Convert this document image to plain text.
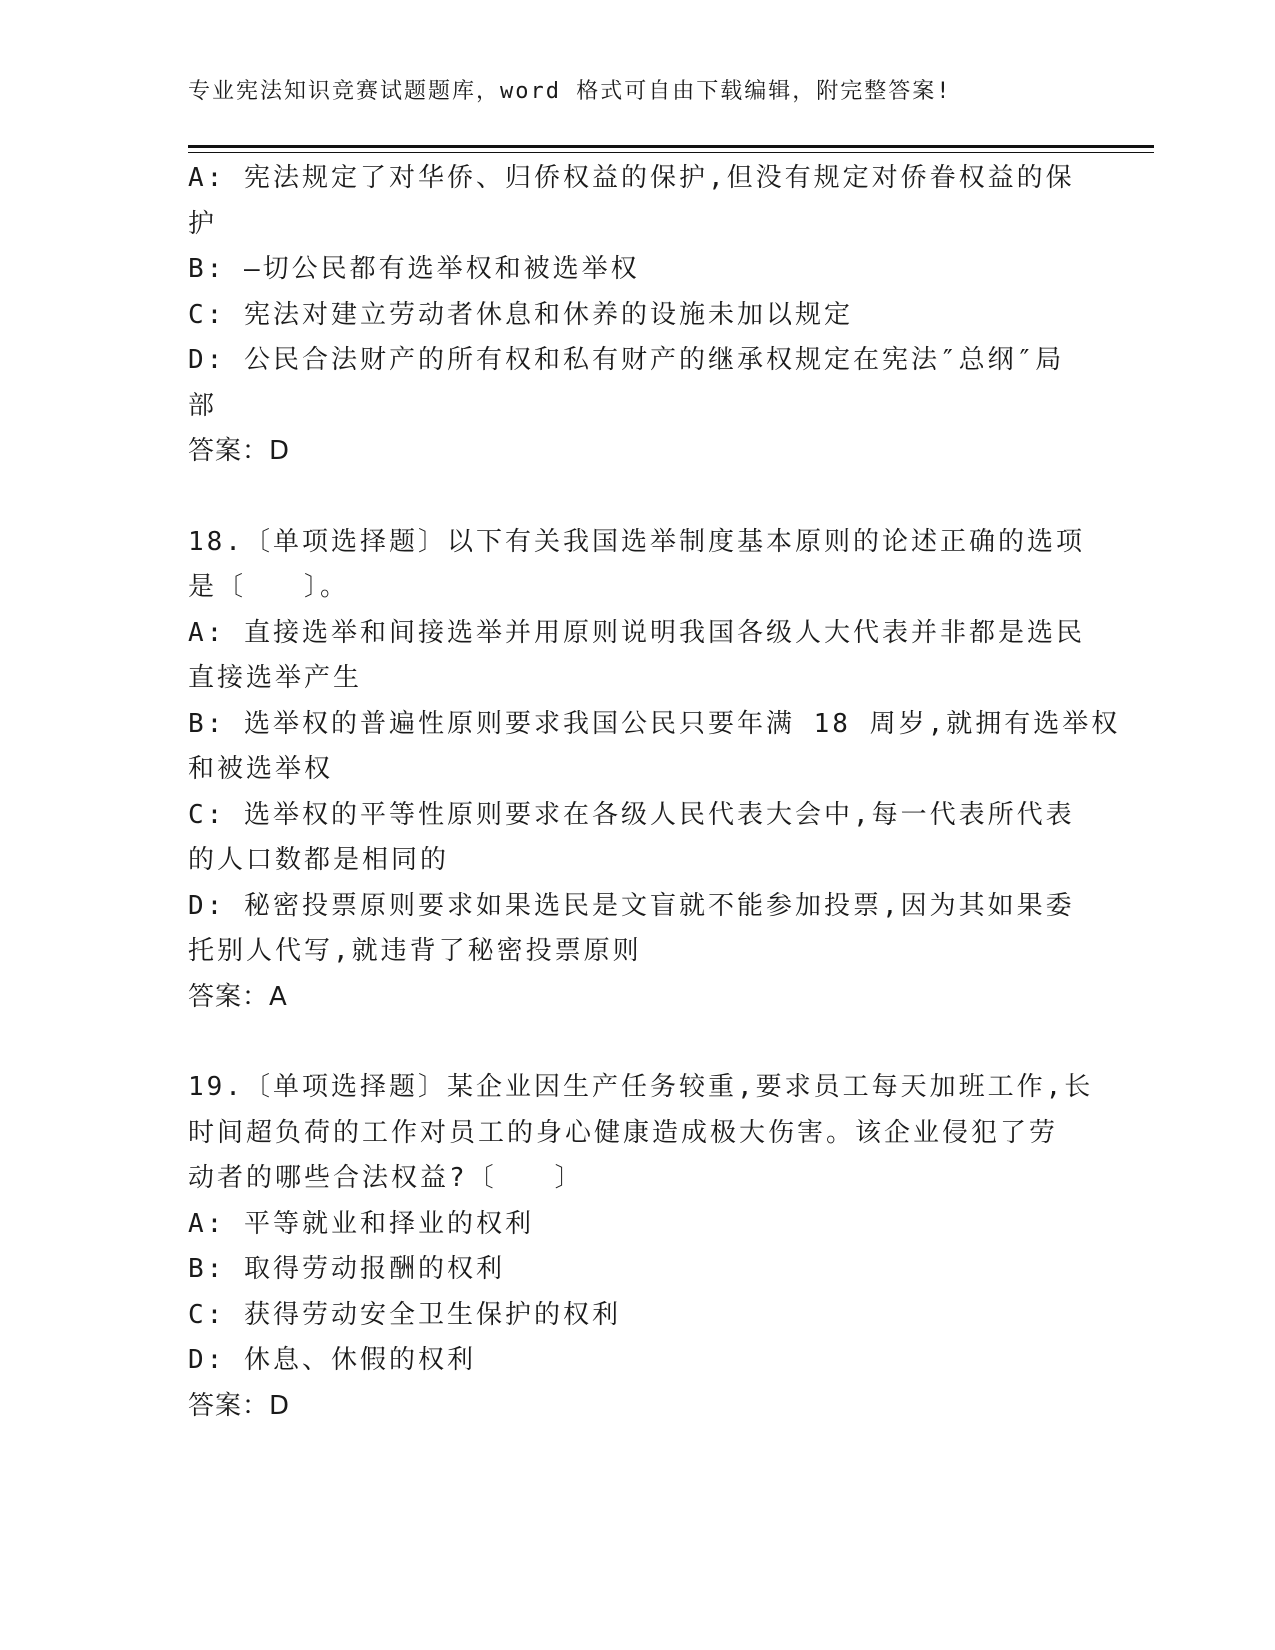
专业宪法知识竞赛试题题库，word 格式可自由下载编辑，附完整答案!
A: 宪法规定了对华侨、归侨权益的保护,但没有规定对侨眷权益的保
护
B: —切公民都有选举权和被选举权
C: 宪法对建立劳动者休息和休养的设施未加以规定
D: 公民合法财产的所有权和私有财产的继承权规定在宪法″总纲″局
部
答案：D
18.〔单项选择题〕以下有关我国选举制度基本原则的论述正确的选项
是〔　　〕。
A: 直接选举和间接选举并用原则说明我国各级人大代表并非都是选民
直接选举产生
B: 选举权的普遍性原则要求我国公民只要年满 18 周岁,就拥有选举权
和被选举权
C: 选举权的平等性原则要求在各级人民代表大会中,每一代表所代表
的人口数都是相同的
D: 秘密投票原则要求如果选民是文盲就不能参加投票,因为其如果委
托别人代写,就违背了秘密投票原则
答案：A
19.〔单项选择题〕某企业因生产任务较重,要求员工每天加班工作,长
时间超负荷的工作对员工的身心健康造成极大伤害。该企业侵犯了劳
动者的哪些合法权益?〔　　〕
A: 平等就业和择业的权利
B: 取得劳动报酬的权利
C: 获得劳动安全卫生保护的权利
D: 休息、休假的权利
答案：D
